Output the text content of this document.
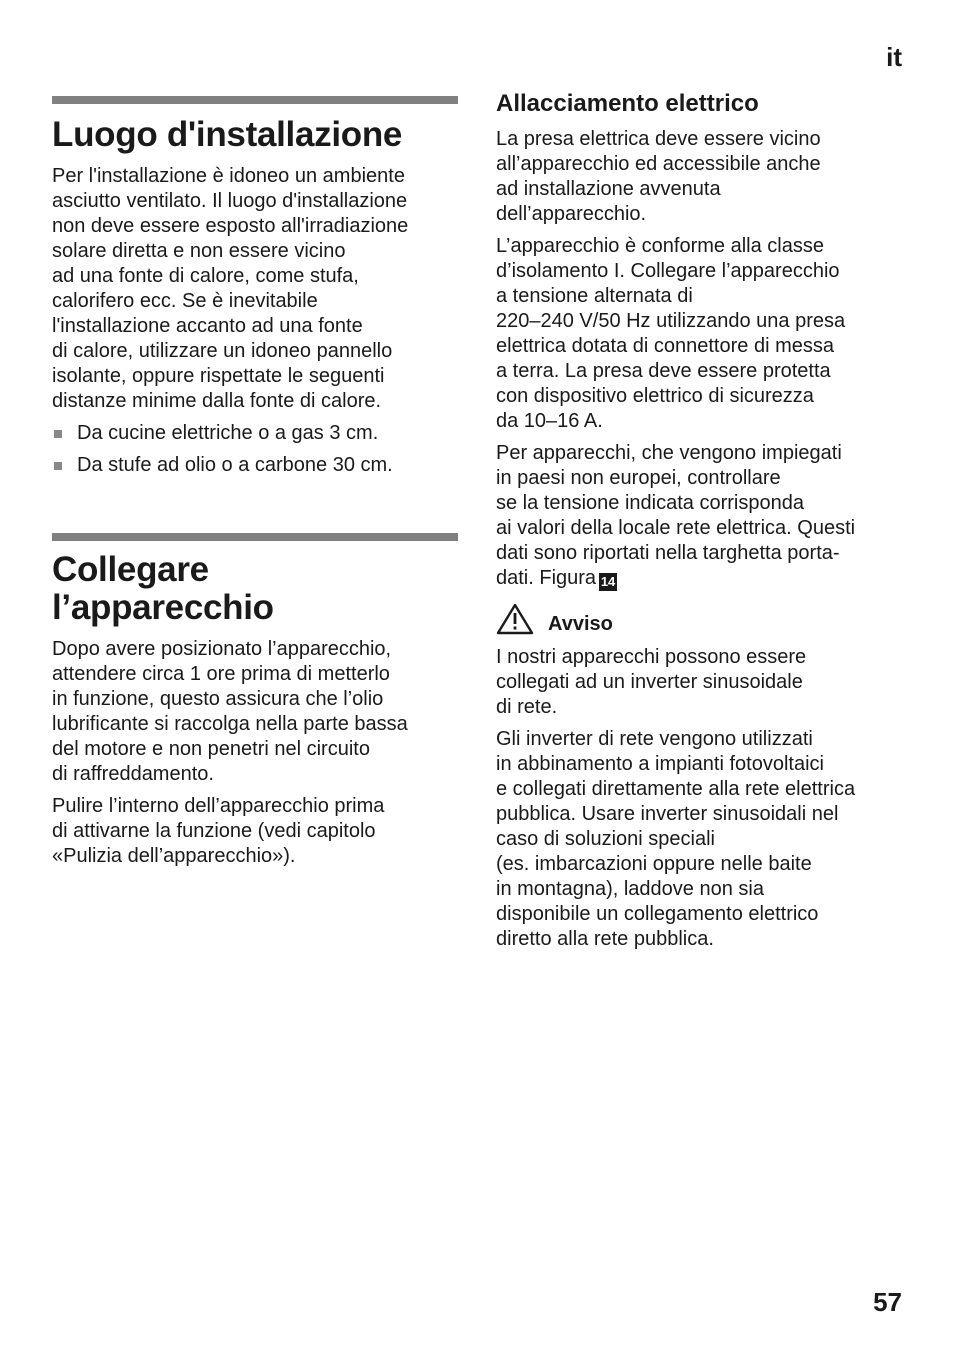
it
Luogo d'installazione

Per l'installazione è idoneo un ambiente
asciutto ventilato. Il luogo d'installazione
non deve essere esposto all'irradiazione
solare diretta e non essere vicino
ad una fonte di calore, come stufa,
calorifero ecc. Se è inevitabile
l'installazione accanto ad una fonte
di calore, utilizzare un idoneo pannello
isolante, oppure rispettate le seguenti
distanze minime dalla fonte di calore.

Da cucine elettriche o a gas 3 cm.
Da stufe ad olio o a carbone 30 cm.
Collegare
l’apparecchio

Dopo avere posizionato l’apparecchio,
attendere circa 1 ore prima di metterlo
in funzione, questo assicura che l’olio
lubrificante si raccolga nella parte bassa
del motore e non penetri nel circuito
di raffreddamento.

Pulire l’interno dell’apparecchio prima
di attivarne la funzione (vedi capitolo
«Pulizia dell’apparecchio»).

Allacciamento elettrico

La presa elettrica deve essere vicino
all’apparecchio ed accessibile anche
ad installazione avvenuta
dell’apparecchio.

L’apparecchio è conforme alla classe
d’isolamento I. Collegare l’apparecchio
a tensione alternata di
220–240 V/50 Hz utilizzando una presa
elettrica dotata di connettore di messa
a terra. La presa deve essere protetta
con dispositivo elettrico di sicurezza
da 10–16 A.

Per apparecchi, che vengono impiegati
in paesi non europei, controllare
se la tensione indicata corrisponda
ai valori della locale rete elettrica. Questi
dati sono riportati nella targhetta porta-
dati. Figura 14

Avviso

I nostri apparecchi possono essere
collegati ad un inverter sinusoidale
di rete.

Gli inverter di rete vengono utilizzati
in abbinamento a impianti fotovoltaici
e collegati direttamente alla rete elettrica
pubblica. Usare inverter sinusoidali nel
caso di soluzioni speciali
(es. imbarcazioni oppure nelle baite
in montagna), laddove non sia
disponibile un collegamento elettrico
diretto alla rete pubblica.

57
